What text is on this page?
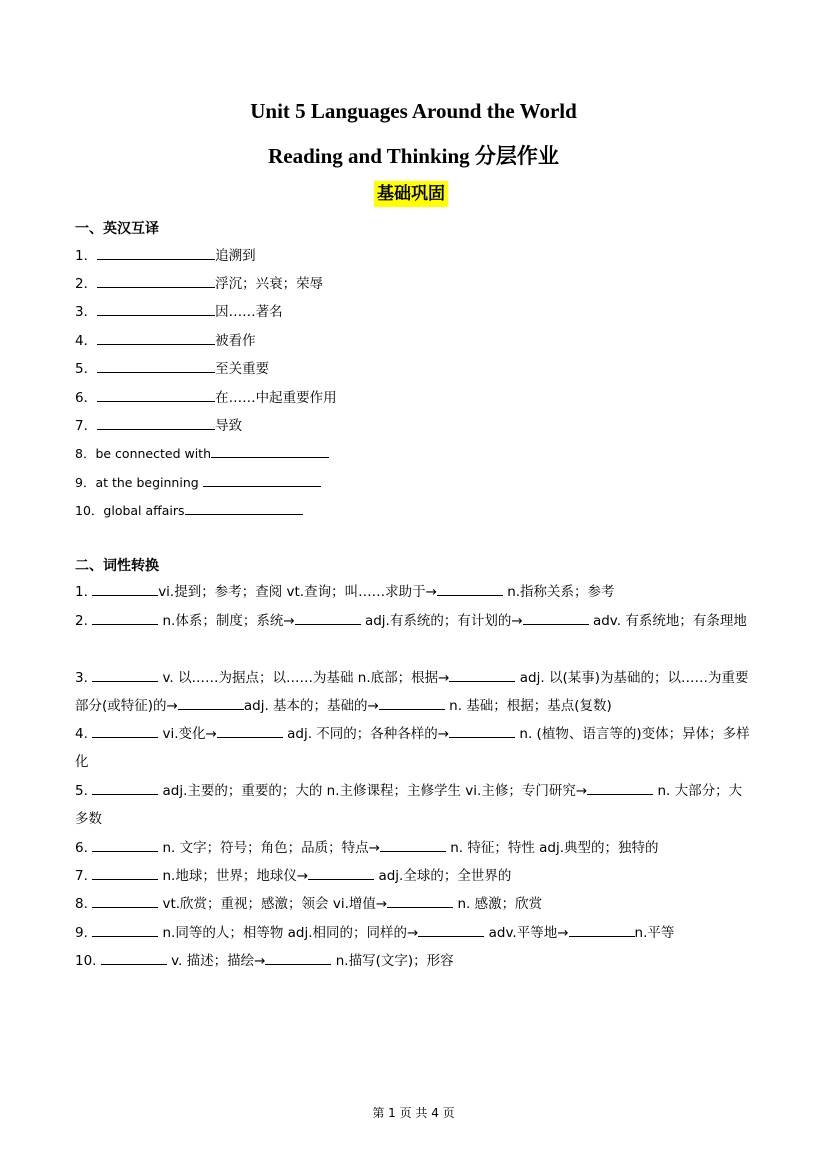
Unit 5 Languages Around the World
Reading and Thinking 分层作业
基础巩固
一、英汉互译
1．	追溯到
2．	浮沉；兴衰；荣辱
3．	因……著名
4．	被看作
5．	至关重要
6．	在……中起重要作用
7．	导致
8．be connected with
9．at the beginning
10．global affairs
二、词性转换
1.	vi.提到；参考；查阅 vt.查询；叫……求助于→	n.指称关系；参考
2.	n.体系；制度；系统→	adj.有系统的；有计划的→	adv. 有系统地；有条理地
3.	v. 以……为据点；以……为基础 n.底部；根据→	adj. 以(某事)为基础的；以……为重要部分(或特征)的→	adj. 基本的；基础的→	n. 基础；根据；基点(复数)
4.	vi.变化→	adj. 不同的；各种各样的→	n. (植物、语言等的)变体；异体；多样化
5.	adj.主要的；重要的；大的 n.主修课程；主修学生 vi.主修；专门研究→	n. 大部分；大多数
6.	n. 文字；符号；角色；品质；特点→	n. 特征；特性 adj.典型的；独特的
7.	n.地球；世界；地球仪→	adj.全球的；全世界的
8.	vt.欣赏；重视；感激；领会 vi.增值→	n. 感激；欣赏
9.	n.同等的人；相等物 adj.相同的；同样的→	adv.平等地→	n.平等
10.	v. 描述；描绘→	n.描写(文字)；形容
第 1 页 共 4 页
